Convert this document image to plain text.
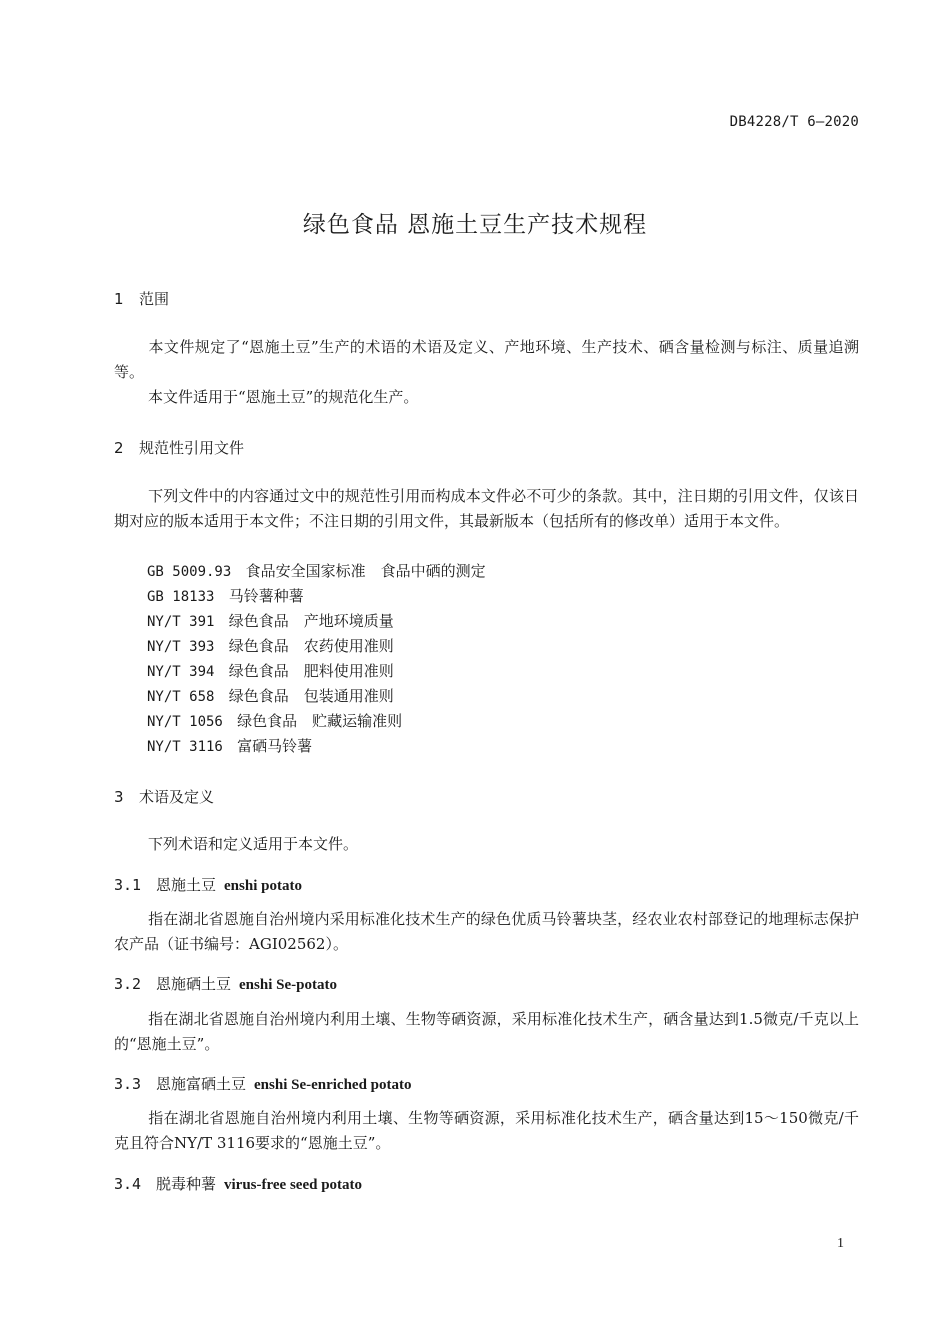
DB4228/T 6—2020
绿色食品 恩施土豆生产技术规程
1 范围
本文件规定了“恩施土豆”生产的术语的术语及定义、产地环境、生产技术、硒含量检测与标注、质量追溯等。
本文件适用于“恩施土豆”的规范化生产。
2 规范性引用文件
下列文件中的内容通过文中的规范性引用而构成本文件必不可少的条款。其中，注日期的引用文件，仅该日期对应的版本适用于本文件；不注日期的引用文件，其最新版本（包括所有的修改单）适用于本文件。
GB 5009.93 食品安全国家标准　食品中硒的测定
GB 18133 马铃薯种薯
NY/T 391 绿色食品　产地环境质量
NY/T 393 绿色食品　农药使用准则
NY/T 394 绿色食品　肥料使用准则
NY/T 658 绿色食品　包装通用准则
NY/T 1056 绿色食品　贮藏运输准则
NY/T 3116 富硒马铃薯
3 术语及定义
下列术语和定义适用于本文件。
3.1 恩施土豆 enshi potato
指在湖北省恩施自治州境内采用标准化技术生产的绿色优质马铃薯块茎，经农业农村部登记的地理标志保护农产品（证书编号：AGI02562）。
3.2 恩施硒土豆 enshi Se-potato
指在湖北省恩施自治州境内利用土壤、生物等硒资源，采用标准化技术生产，硒含量达到1.5微克/千克以上的“恩施土豆”。
3.3 恩施富硒土豆 enshi Se-enriched potato
指在湖北省恩施自治州境内利用土壤、生物等硒资源，采用标准化技术生产，硒含量达到15～150微克/千克且符合NY/T 3116要求的“恩施土豆”。
3.4 脱毒种薯 virus-free seed potato
1
